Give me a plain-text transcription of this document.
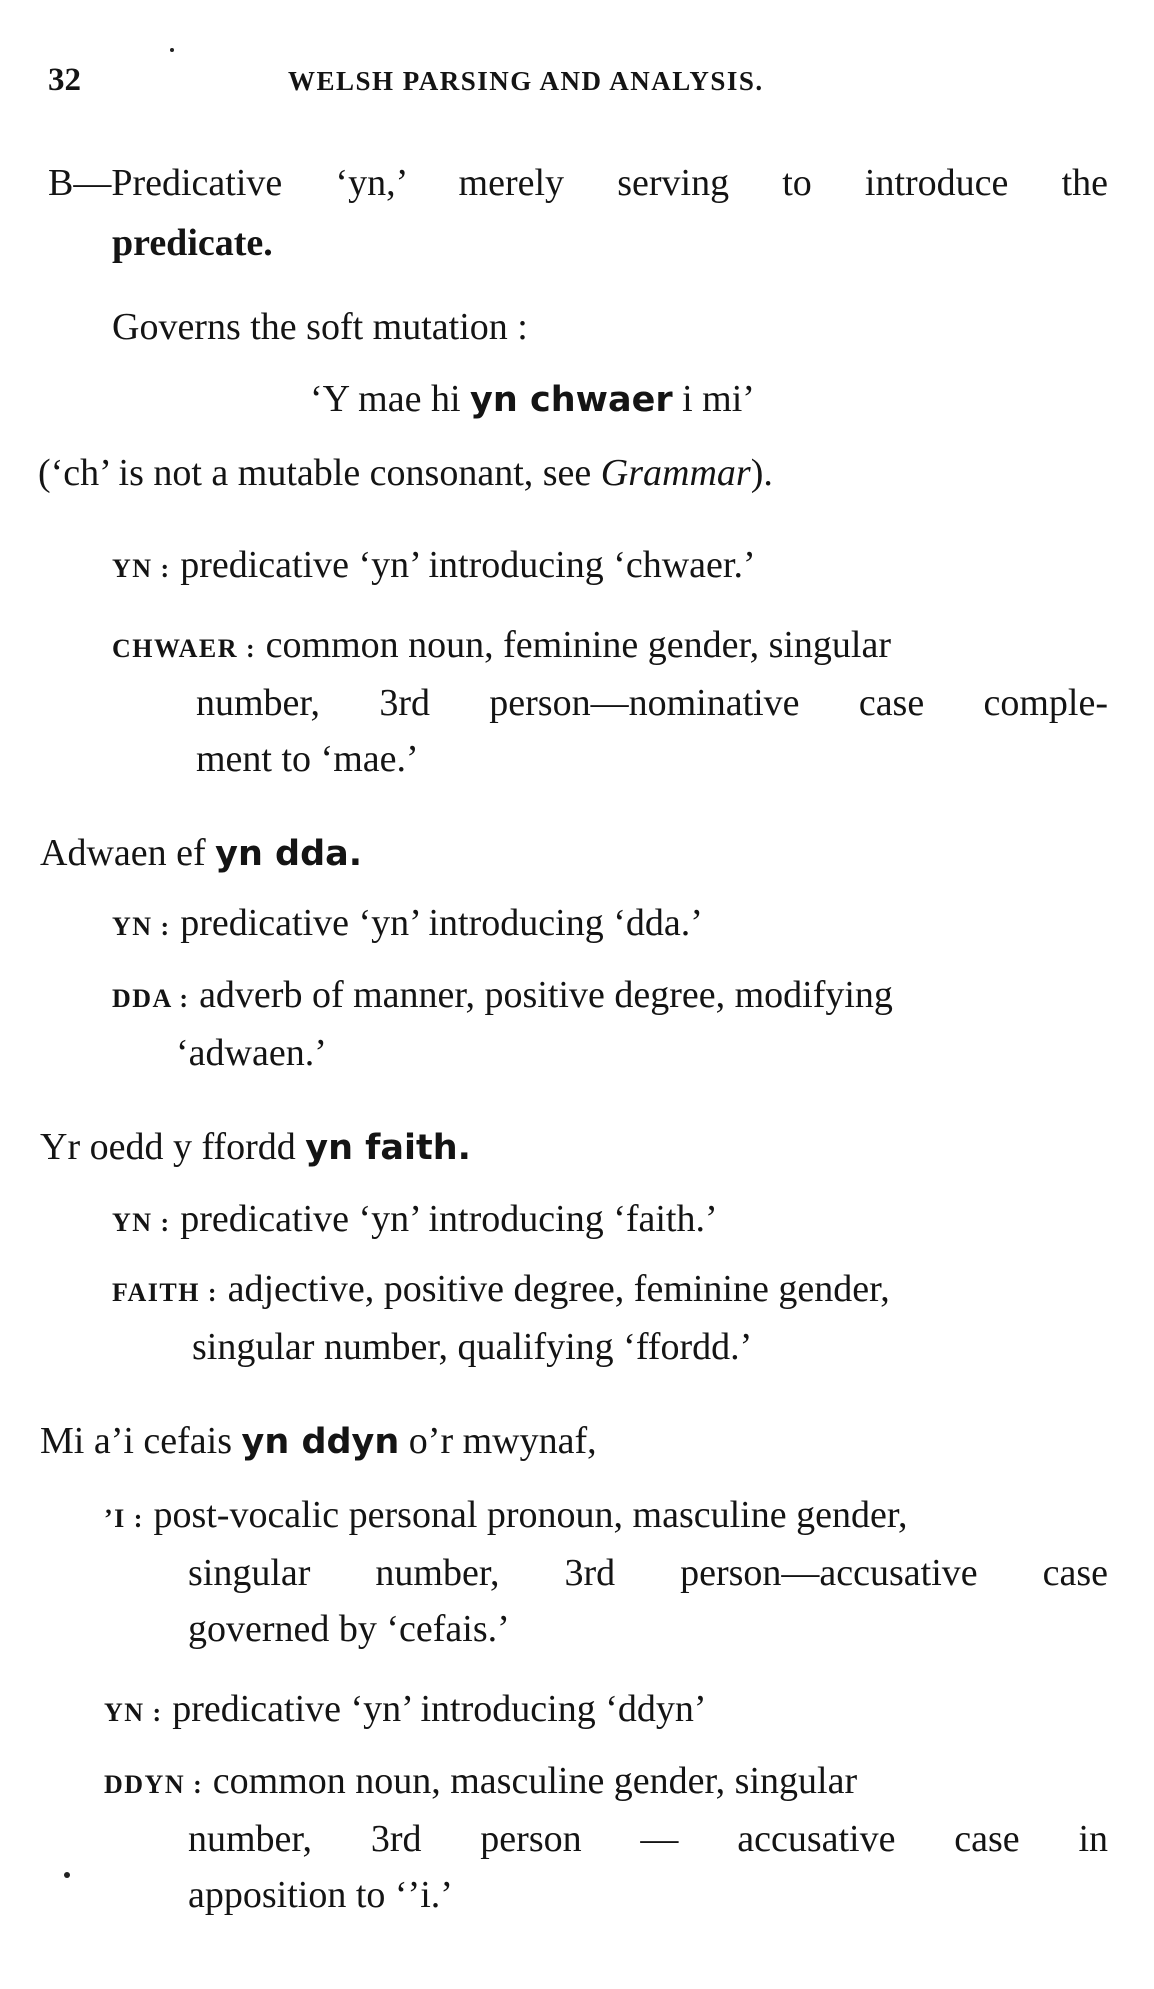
32	WELSH PARSING AND ANALYSIS.
B—Predicative ‘yn,’ merely serving to introduce the
predicate.
Governs the soft mutation :
‘Y mae hi yn chwaer i mi’
(‘ch’ is not a mutable consonant, see Grammar).
YN : predicative ‘yn’ introducing ‘chwaer.’
CHWAER : common noun, feminine gender, singular
number, 3rd person—nominative case comple-
ment to ‘mae.’
Adwaen ef yn dda.
YN : predicative ‘yn’ introducing ‘dda.’
DDA : adverb of manner, positive degree, modifying
‘adwaen.’
Yr oedd y ffordd yn faith.
YN : predicative ‘yn’ introducing ‘faith.’
FAITH : adjective, positive degree, feminine gender,
singular number, qualifying ‘ffordd.’
Mi a’i cefais yn ddyn o’r mwynaf,
’I : post-vocalic personal pronoun, masculine gender,
singular number, 3rd person—accusative case
governed by ‘cefais.’
YN : predicative ‘yn’ introducing ‘ddyn’
DDYN : common noun, masculine gender, singular
number, 3rd person — accusative case in
apposition to ‘’i.’
